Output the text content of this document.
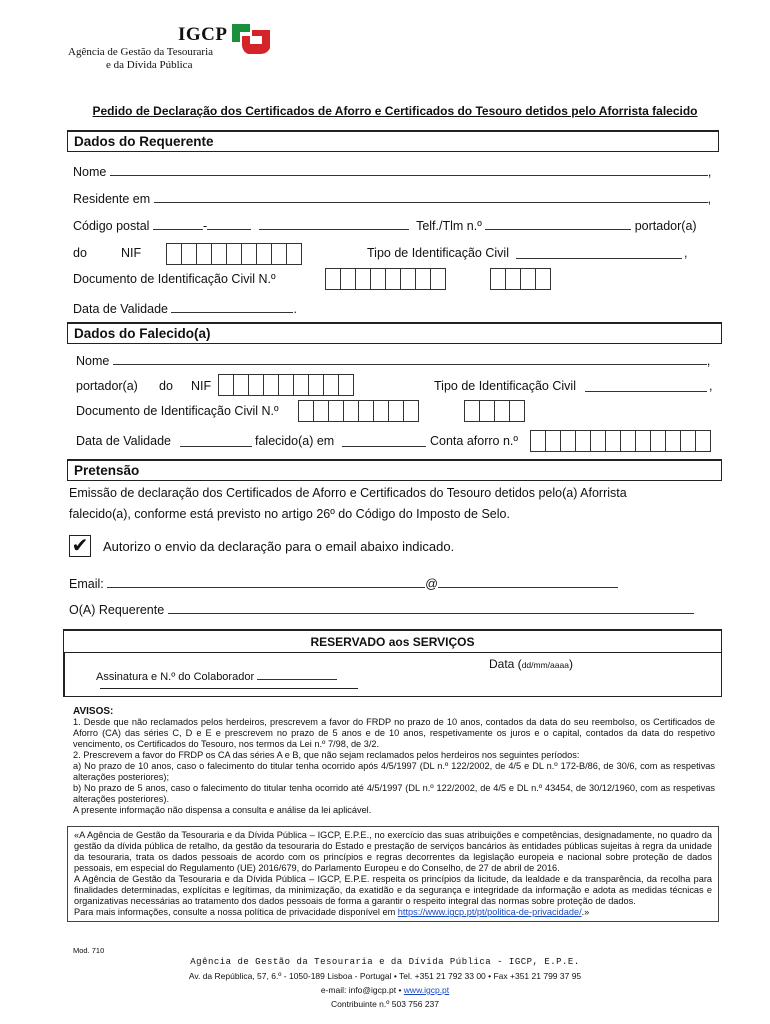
IGCP
Agência de Gestão da Tesouraria
e da Dívida Pública
Pedido de Declaração dos Certificados de Aforro e Certificados do Tesouro detidos pelo Aforrista falecido
Dados do Requerente
Nome	,
Residente em	,
Código postal	-	Telf./Tlm n.º	portador(a)
do	NIF	Tipo de Identificação Civil	,
Documento de Identificação Civil N.º
Data de Validade	.
Dados do Falecido(a)
Nome	,
portador(a) do NIF	Tipo de Identificação Civil	,
Documento de Identificação Civil N.º
Data de Validade	falecido(a) em	Conta aforro n.º
Pretensão
Emissão de declaração dos Certificados de Aforro e Certificados do Tesouro detidos pelo(a) Aforrista
falecido(a), conforme está previsto no artigo 26º do Código do Imposto de Selo.
✔ Autorizo o envio da declaração para o email abaixo indicado.
Email:	@
O(A) Requerente
RESERVADO aos SERVIÇOS
Data (dd/mm/aaaa)
Assinatura e N.º do Colaborador
AVISOS:
1. Desde que não reclamados pelos herdeiros, prescrevem a favor do FRDP no prazo de 10 anos, contados da data do seu reembolso, os Certificados de Aforro (CA) das séries C, D e E e prescrevem no prazo de 5 anos e de 10 anos, respetivamente os juros e o capital, contados da data do respetivo vencimento, os Certificados do Tesouro, nos termos da Lei n.º 7/98, de 3/2.
2. Prescrevem a favor do FRDP os CA das séries A e B, que não sejam reclamados pelos herdeiros nos seguintes períodos:
a) No prazo de 10 anos, caso o falecimento do titular tenha ocorrido após 4/5/1997 (DL n.º 122/2002, de 4/5 e DL n.º 172-B/86, de 30/6, com as respetivas alterações posteriores);
b) No prazo de 5 anos, caso o falecimento do titular tenha ocorrido até 4/5/1997 (DL n.º 122/2002, de 4/5 e DL n.º 43454, de 30/12/1960, com as respetivas alterações posteriores).
A presente informação não dispensa a consulta e análise da lei aplicável.
«A Agência de Gestão da Tesouraria e da Dívida Pública – IGCP, E.P.E., no exercício das suas atribuições e competências, designadamente, no quadro da gestão da dívida pública de retalho, da gestão da tesouraria do Estado e prestação de serviços bancários às entidades públicas sujeitas à regra da unidade da tesouraria, trata os dados pessoais de acordo com os princípios e regras decorrentes da legislação europeia e nacional sobre proteção de dados pessoais, em especial do Regulamento (UE) 2016/679, do Parlamento Europeu e do Conselho, de 27 de abril de 2016.
A Agência de Gestão da Tesouraria e da Dívida Pública – IGCP, E.P.E. respeita os princípios da licitude, da lealdade e da transparência, da recolha para finalidades determinadas, explícitas e legítimas, da minimização, da exatidão e da segurança e integridade da informação e adota as medidas técnicas e organizativas necessárias ao tratamento dos dados pessoais de forma a garantir o respeito integral das normas sobre proteção de dados.
Para mais informações, consulte a nossa política de privacidade disponível em https://www.igcp.pt/pt/politica-de-privacidade/.»
Mod. 710
Agência de Gestão da Tesouraria e da Dívida Pública - IGCP, E.P.E.
Av. da República, 57, 6.º - 1050-189 Lisboa - Portugal • Tel. +351 21 792 33 00 • Fax +351 21 799 37 95
e-mail: info@igcp.pt • www.igcp.pt
Contribuinte n.º 503 756 237
